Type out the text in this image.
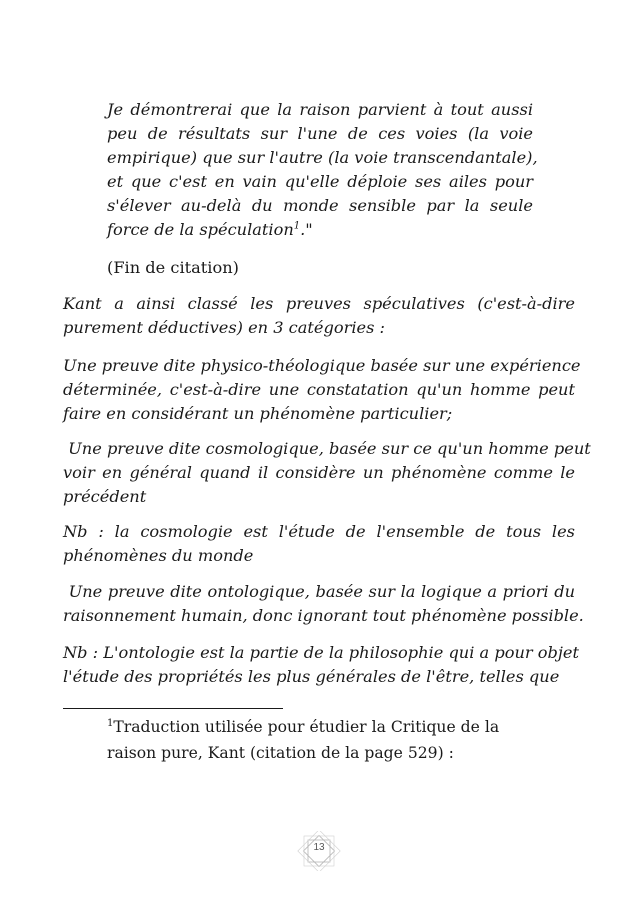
Je démontrerai que la raison parvient à tout aussi
peu de résultats sur l'une de ces voies (la voie
empirique) que sur l'autre (la voie transcendantale),
et que c'est en vain qu'elle déploie ses ailes pour
s'élever au-delà du monde sensible par la seule
force de la spéculation$^1$."
(Fin de citation)
Kant a ainsi classé les preuves spéculatives (c'est-à-dire
purement déductives) en 3 catégories :
Une preuve dite physico-théologique basée sur une expérience
déterminée, c'est-à-dire une constatation qu'un homme peut
faire en considérant un phénomène particulier;
Une preuve dite cosmologique, basée sur ce qu'un homme peut
voir en général quand il considère un phénomène comme le
précédent
Nb : la cosmologie est l'étude de l'ensemble de tous les
phénomènes du monde
Une preuve dite ontologique, basée sur la logique a priori du
raisonnement humain, donc ignorant tout phénomène possible.
Nb : L'ontologie est la partie de la philosophie qui a pour objet
l'étude des propriétés les plus générales de l'être, telles que
$^1$Traduction utilisée pour étudier la Critique de la
raison pure, Kant (citation de la page 529) :
13
